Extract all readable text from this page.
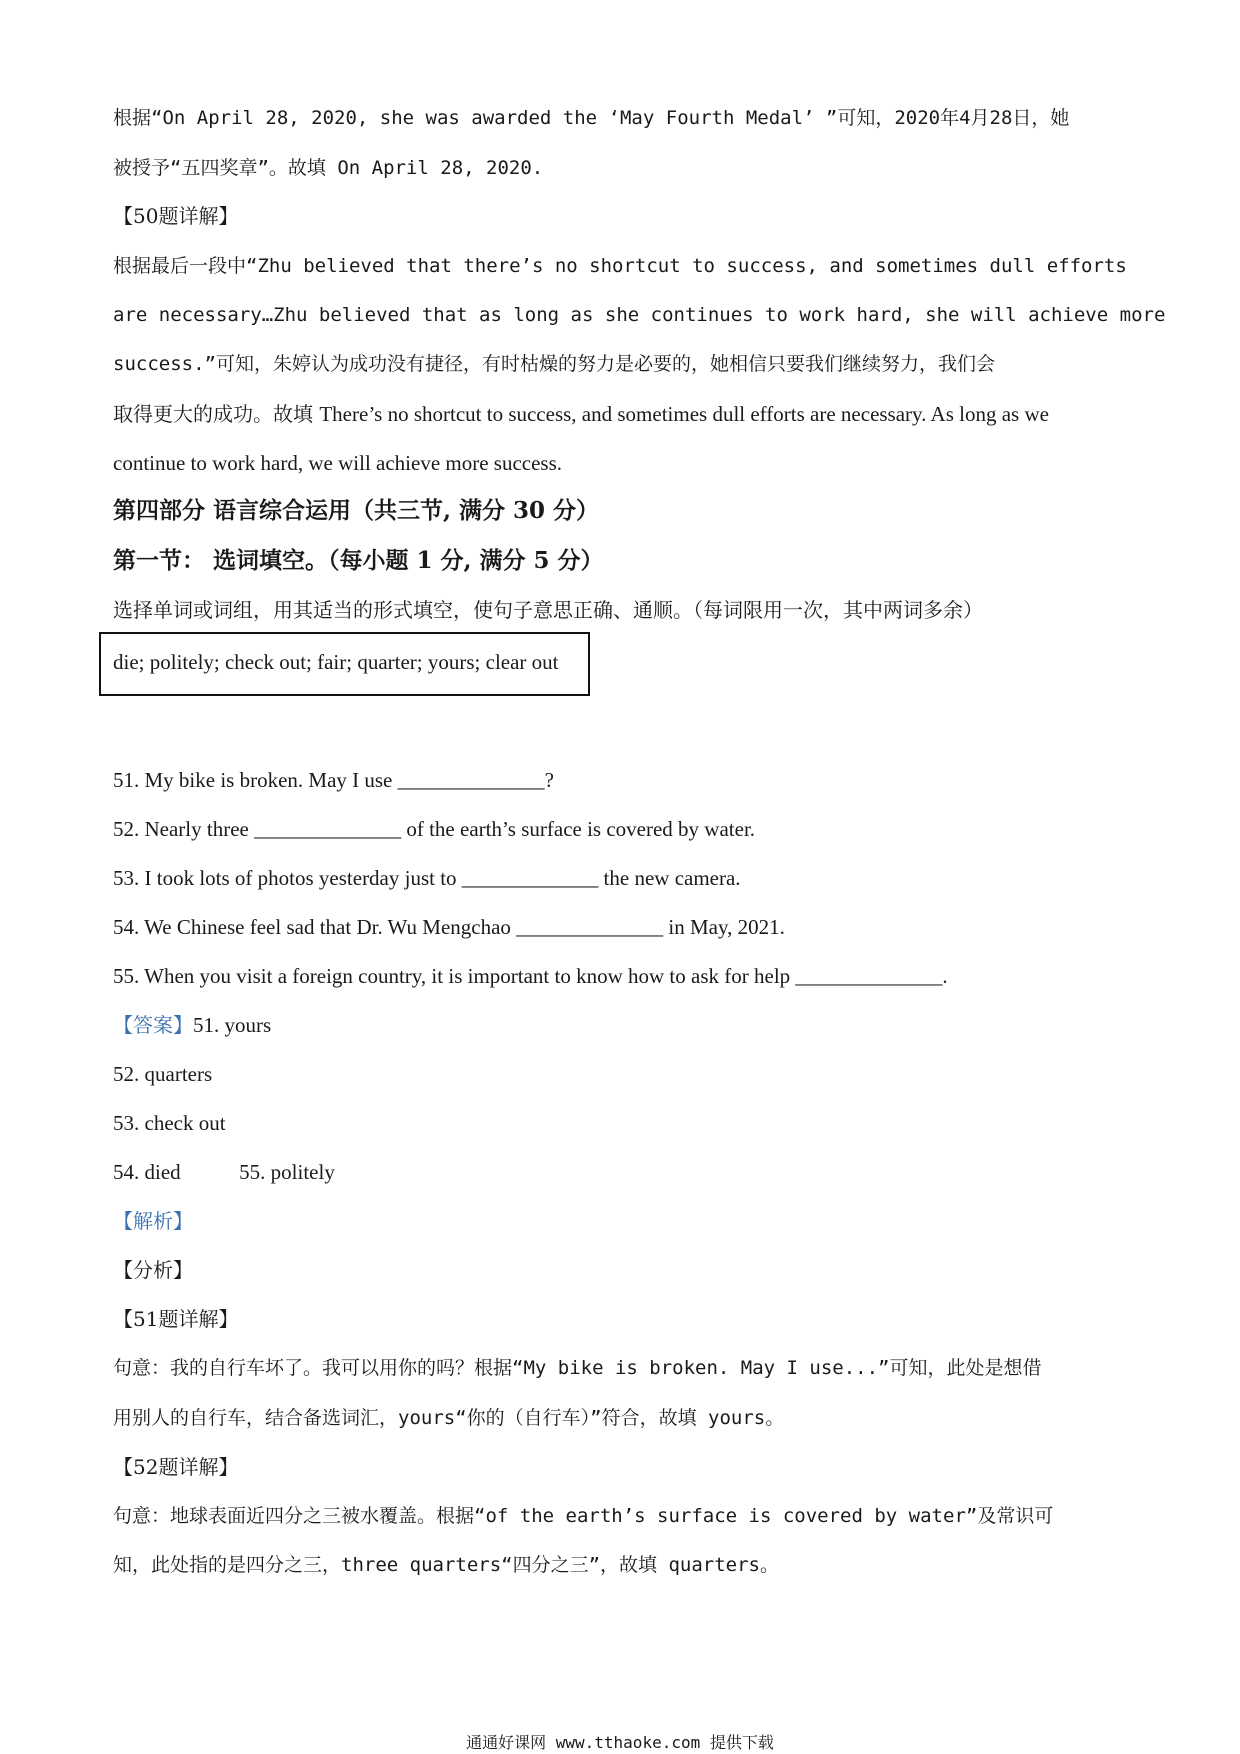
根据“On April 28, 2020, she was awarded the ‘May Fourth Medal’ ”可知，2020年4月28日，她
被授予“五四奖章”。故填 On April 28, 2020.
【50题详解】
根据最后一段中“Zhu believed that there’s no shortcut to success, and sometimes dull efforts
are necessary…Zhu believed that as long as she continues to work hard, she will achieve more
success.”可知，朱婷认为成功没有捷径，有时枯燥的努力是必要的，她相信只要我们继续努力，我们会
取得更大的成功。故填 There’s no shortcut to success, and sometimes dull efforts are necessary. As long as we
continue to work hard, we will achieve more success.
第四部分 语言综合运用（共三节, 满分 30 分）
第一节： 选词填空。（每小题 1 分, 满分 5 分）
选择单词或词组，用其适当的形式填空，使句子意思正确、通顺。（每词限用一次，其中两词多余）
die; politely; check out; fair; quarter; yours; clear out
51. My bike is broken. May I use ______________?
52. Nearly three ______________ of the earth’s surface is covered by water.
53. I took lots of photos yesterday just to _____________ the new camera.
54. We Chinese feel sad that Dr. Wu Mengchao ______________ in May, 2021.
55. When you visit a foreign country, it is important to know how to ask for help ______________.
【答案】51. yours
52. quarters
53. check out
54. died	55. politely
【解析】
【分析】
【51题详解】
句意：我的自行车坏了。我可以用你的吗？根据“My bike is broken. May I use...”可知，此处是想借
用别人的自行车，结合备选词汇，yours“你的（自行车）”符合，故填 yours。
【52题详解】
句意：地球表面近四分之三被水覆盖。根据“of the earth’s surface is covered by water”及常识可
知，此处指的是四分之三，three quarters“四分之三”，故填 quarters。
通通好课网 www.tthaoke.com 提供下载
